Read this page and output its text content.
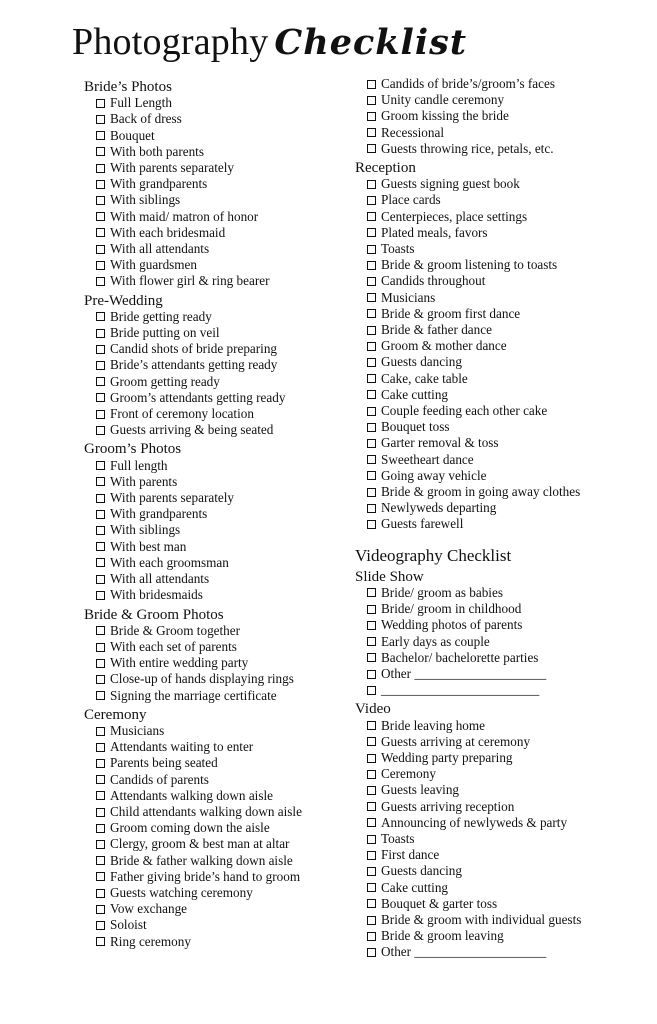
Photography Checklist
Bride’s Photos
Full Length
Back of dress
Bouquet
With both parents
With parents separately
With grandparents
With siblings
With maid/ matron of honor
With each bridesmaid
With all attendants
With guardsmen
With flower girl & ring bearer
Pre-Wedding
Bride getting ready
Bride putting on veil
Candid shots of bride preparing
Bride’s attendants getting ready
Groom getting ready
Groom’s attendants getting ready
Front of ceremony location
Guests arriving & being seated
Groom’s Photos
Full length
With parents
With parents separately
With grandparents
With siblings
With best man
With each groomsman
With all attendants
With bridesmaids
Bride & Groom Photos
Bride & Groom together
With each set of parents
With entire wedding party
Close-up of hands displaying rings
Signing the marriage certificate
Ceremony
Musicians
Attendants waiting to enter
Parents being seated
Candids of parents
Attendants walking down aisle
Child attendants walking down aisle
Groom coming down the aisle
Clergy, groom & best man at altar
Bride & father walking down aisle
Father giving bride’s hand to groom
Guests watching ceremony
Vow exchange
Soloist
Ring ceremony
Candids of bride’s/groom’s faces
Unity candle ceremony
Groom kissing the bride
Recessional
Guests throwing rice, petals, etc.
Reception
Guests signing guest book
Place cards
Centerpieces, place settings
Plated meals, favors
Toasts
Bride & groom listening to toasts
Candids throughout
Musicians
Bride & groom first dance
Bride & father dance
Groom & mother dance
Guests dancing
Cake, cake table
Cake cutting
Couple feeding each other cake
Bouquet toss
Garter removal & toss
Sweetheart dance
Going away vehicle
Bride & groom in going away clothes
Newlyweds departing
Guests farewell
Videography Checklist
Slide Show
Bride/ groom as babies
Bride/ groom in childhood
Wedding photos of parents
Early days as couple
Bachelor/ bachelorette parties
Other ____________________
________________________
Video
Bride leaving home
Guests arriving at ceremony
Wedding party preparing
Ceremony
Guests leaving
Guests arriving reception
Announcing of newlyweds & party
Toasts
First dance
Guests dancing
Cake cutting
Bouquet & garter toss
Bride & groom with individual guests
Bride & groom leaving
Other ____________________
